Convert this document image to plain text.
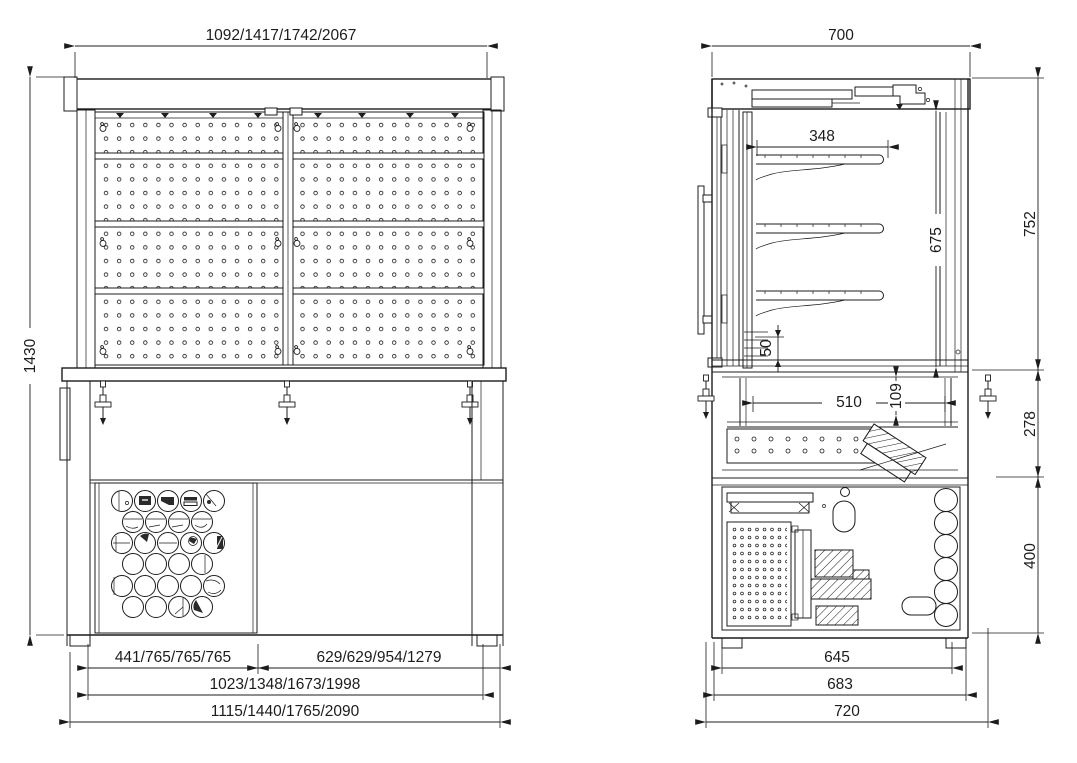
1092/1417/1742/2067
1430
441/765/765/765	629/629/954/1279
1023/1348/1673/1998
1115/1440/1765/2090
700
348
675
50
510 109
752
278
400
645
683
720
